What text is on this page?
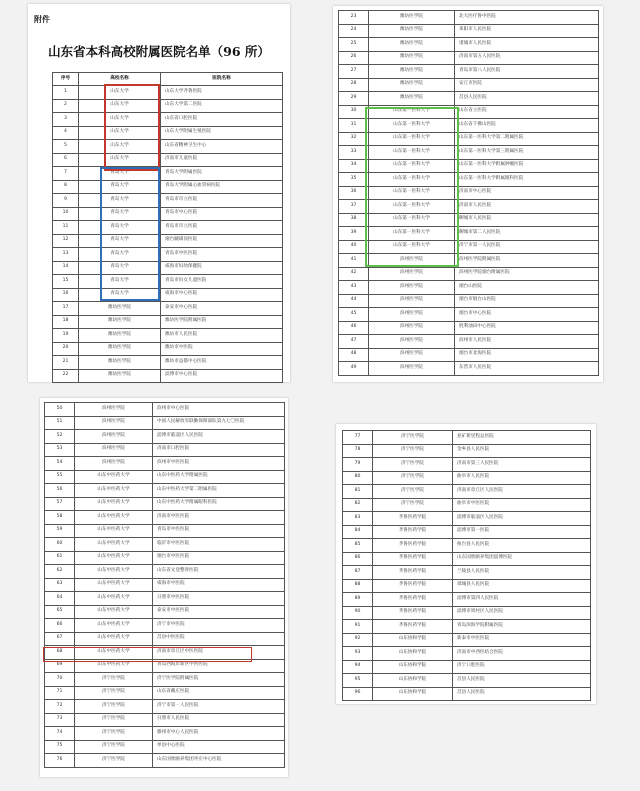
附件
山东省本科高校附属医院名单（96 所）
序号	高校名称	医院名称
1	山东大学	山东大学齐鲁医院
2	山东大学	山东大学第二医院
3	山东大学	山东省口腔医院
4	山东大学	山东大学附属生殖医院
5	山东大学	山东省精神卫生中心
6	山东大学	济南市儿童医院
7	青岛大学	青岛大学附属医院
8	青岛大学	青岛大学附属心血管病医院
9	青岛大学	青岛市市立医院
10	青岛大学	青岛市中心医院
11	青岛大学	青岛市市立医院
12	青岛大学	烟台毓璜顶医院
13	青岛大学	青岛市中医医院
14	青岛大学	威海市妇幼保健院
15	青岛大学	青岛市妇女儿童医院
16	青岛大学	威海市中心医院
17	潍坊医学院	泰安市中心医院
18	潍坊医学院	潍坊医学院附属医院
19	潍坊医学院	潍坊市人民医院
20	潍坊医学院	潍坊市中医院
21	潍坊医学院	潍坊市益都中心医院
22	潍坊医学院	淄博市中心医院
23	潍坊医学院	北大医疗鲁中医院
24	潍坊医学院	莱阳市人民医院
25	潍坊医学院	诸城市人民医院
26	潍坊医学院	济南市第五人民医院
27	潍坊医学院	青岛市第八人民医院
28	潍坊医学院	安丘市医院
29	潍坊医学院	莒县人民医院
30	山东第一医科大学	山东省立医院
31	山东第一医科大学	山东省千佛山医院
32	山东第一医科大学	山东第一医科大学第二附属医院
33	山东第一医科大学	山东第一医科大学第三附属医院
34	山东第一医科大学	山东第一医科大学附属肿瘤医院
35	山东第一医科大学	山东第一医科大学附属眼科医院
36	山东第一医科大学	济南市中心医院
37	山东第一医科大学	济南市人民医院
38	山东第一医科大学	聊城市人民医院
39	山东第一医科大学	聊城市第二人民医院
40	山东第一医科大学	济宁市第一人民医院
41	滨州医学院	滨州医学院附属医院
42	滨州医学院	滨州医学院烟台附属医院
43	滨州医学院	烟台山医院
44	滨州医学院	烟台市烟台山医院
45	滨州医学院	烟台市中心医院
46	滨州医学院	胜利油田中心医院
47	滨州医学院	滨州市人民医院
48	滨州医学院	烟台市北海医院
49	滨州医学院	东营市人民医院
50	滨州医学院	滨州市中心医院
51	滨州医学院	中国人民解放军联勤保障部队第九七〇医院
52	滨州医学院	淄博市临淄区人民医院
53	滨州医学院	济南市口腔医院
54	滨州医学院	滨州市中医医院
55	山东中医药大学	山东中医药大学附属医院
56	山东中医药大学	山东中医药大学第二附属医院
57	山东中医药大学	山东中医药大学附属眼科医院
58	山东中医药大学	济南市中医医院
59	山东中医药大学	青岛市中医医院
60	山东中医药大学	临沂市中医医院
61	山东中医药大学	烟台市中医医院
62	山东中医药大学	山东省文登整骨医院
63	山东中医药大学	威海市中医院
64	山东中医药大学	日照市中医医院
65	山东中医药大学	泰安市中医医院
66	山东中医药大学	济宁市中医院
67	山东中医药大学	莒县中医医院
68	山东中医药大学	济南市章丘区中医医院
69	山东中医药大学	青岛西海岸新区中医医院
70	济宁医学院	济宁医学院附属医院
71	济宁医学院	山东省戴庄医院
72	济宁医学院	济宁市第一人民医院
73	济宁医学院	日照市人民医院
74	济宁医学院	滕州市中心人民医院
75	济宁医学院	单县中心医院
76	济宁医学院	山东国欣颐养集团枣庄中心医院
77	济宁医学院	兖矿新里程总医院
78	济宁医学院	金乡县人民医院
79	济宁医学院	济南市第三人民医院
80	济宁医学院	曲阜市人民医院
81	济宁医学院	济南市章丘区人民医院
82	济宁医学院	曲阜市中医医院
83	齐鲁医药学院	淄博市临淄区人民医院
84	齐鲁医药学院	淄博市第一医院
85	齐鲁医药学院	桓台县人民医院
86	齐鲁医药学院	山东国欣颐养集团淄博医院
87	齐鲁医药学院	兰陵县人民医院
88	齐鲁医药学院	郯城县人民医院
89	齐鲁医药学院	淄博市第四人民医院
90	齐鲁医药学院	淄博市周村区人民医院
91	齐鲁医药学院	青岛滨海学院附属医院
92	山东协和学院	新泰市中医医院
93	山东协和学院	济南市中西医结合医院
94	山东协和学院	济宁口腔医院
95	山东协和学院	莒县人民医院
96	山东协和学院	莒县人民医院
